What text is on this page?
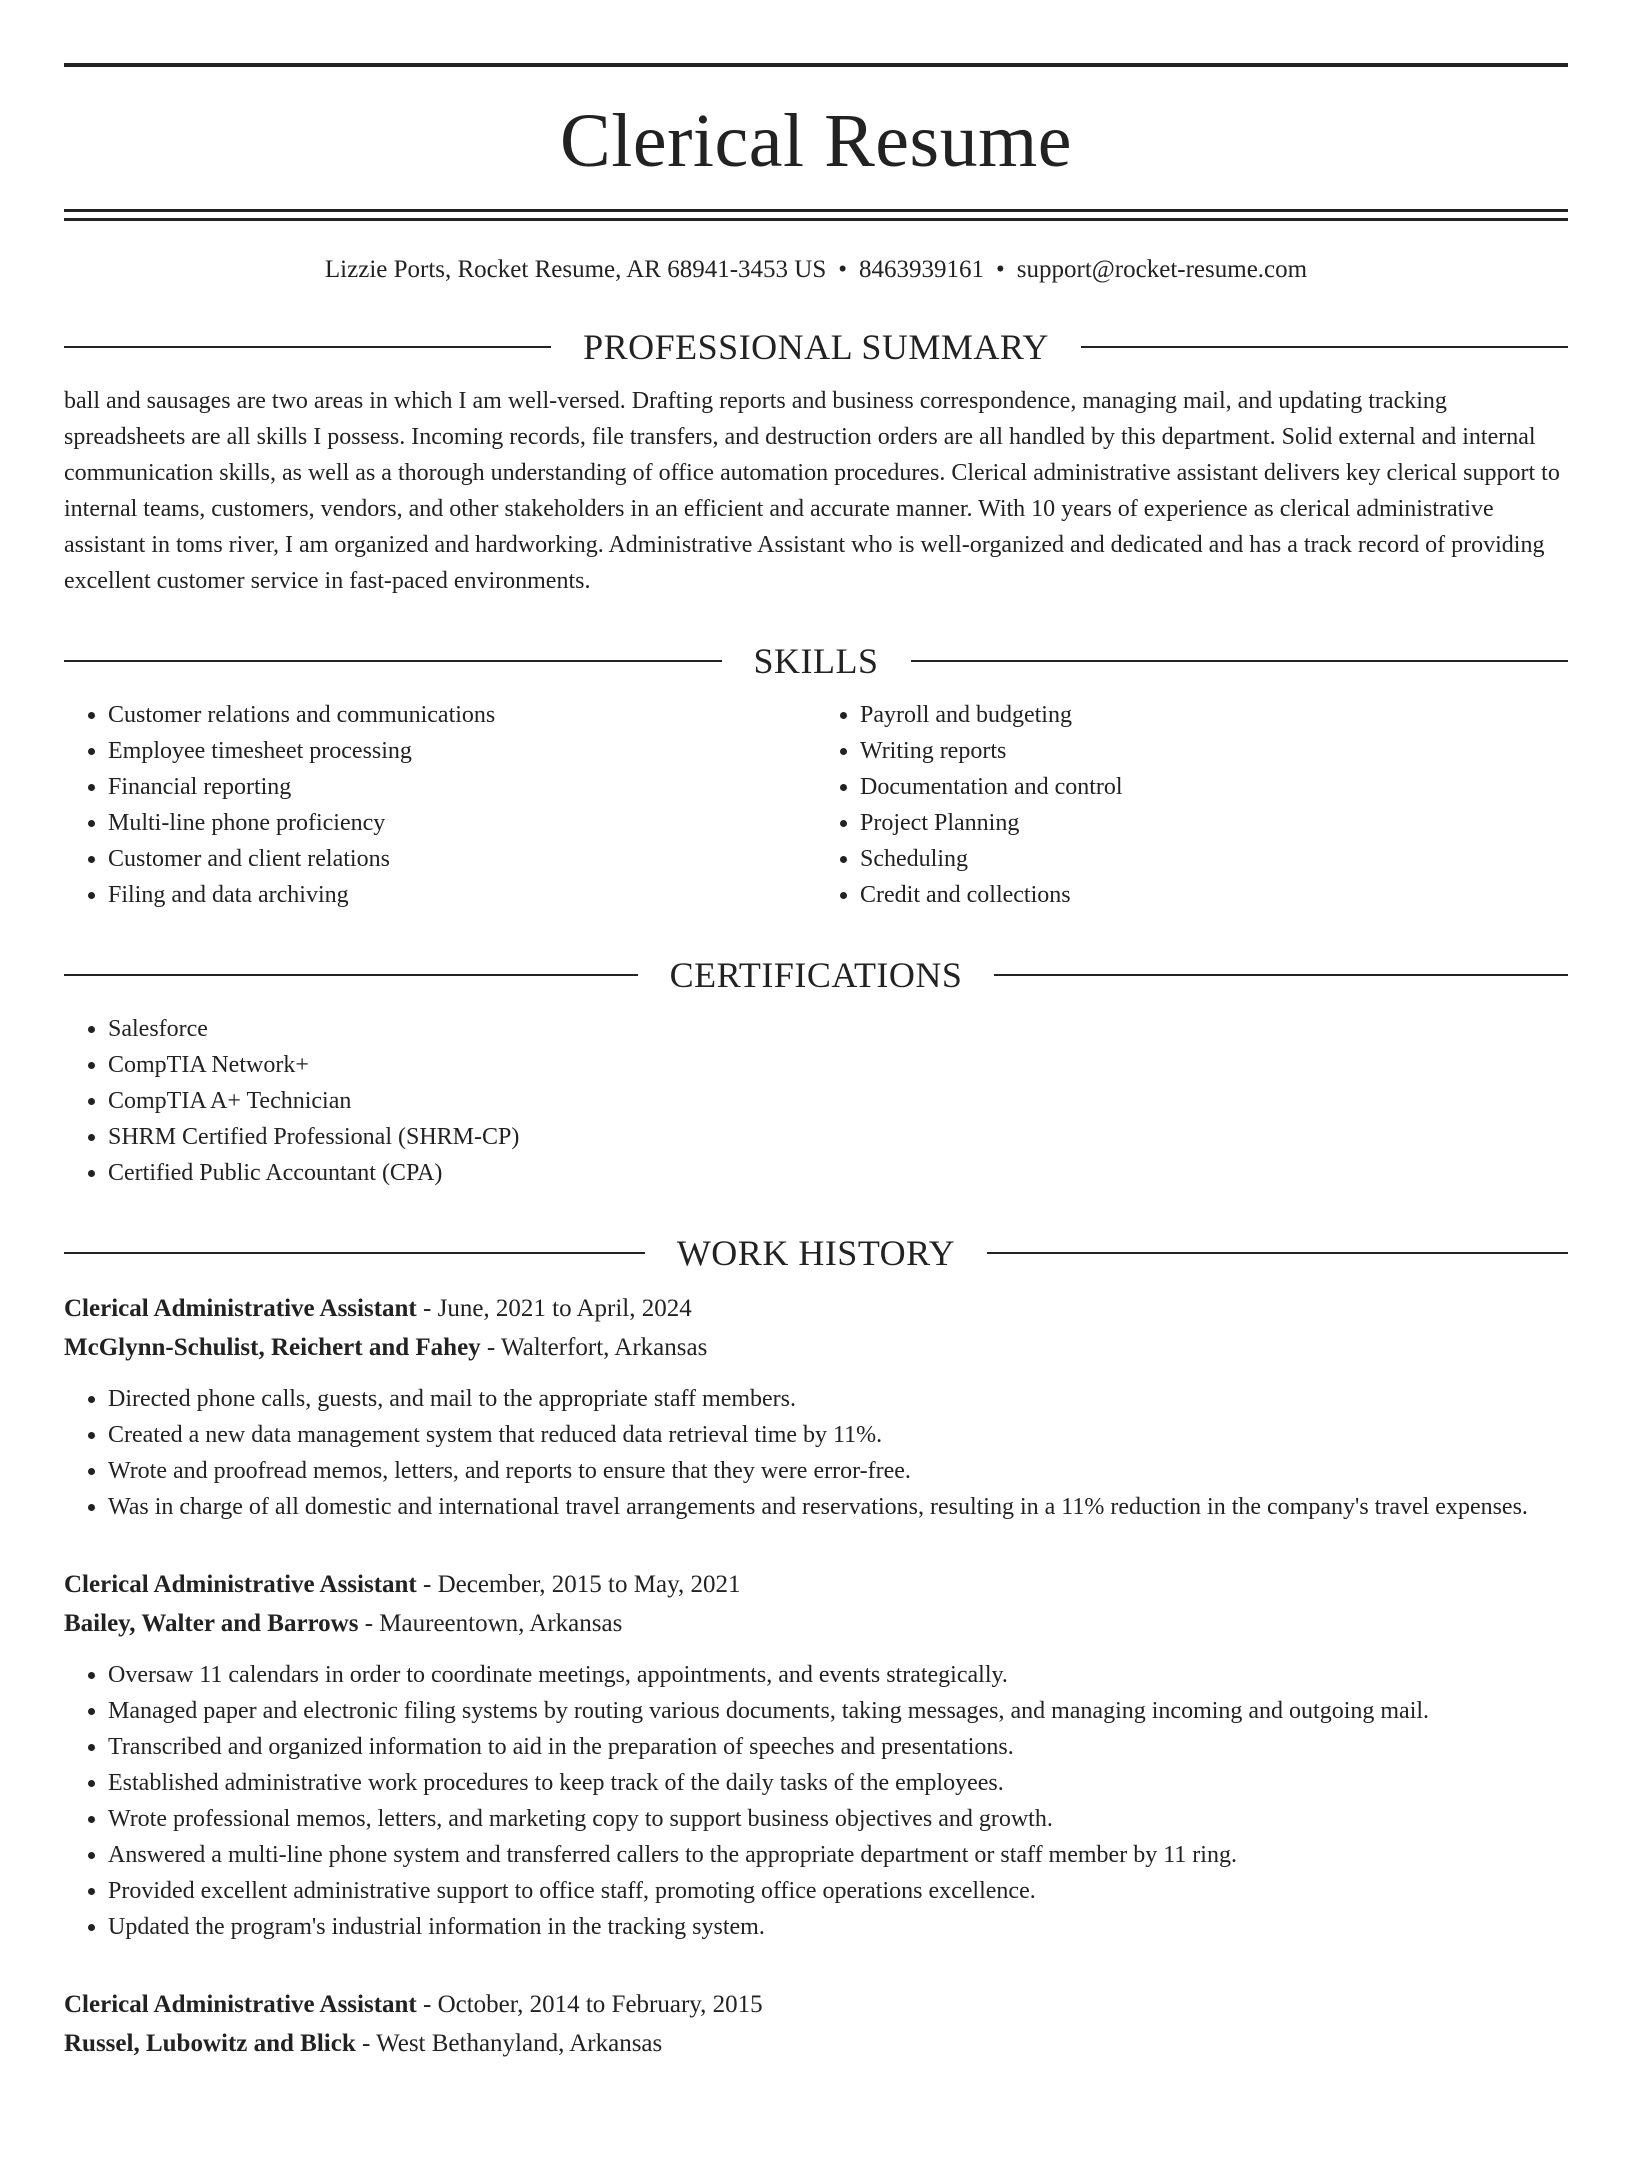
Clerical Resume
Lizzie Ports, Rocket Resume, AR 68941-3453 US • 8463939161 • support@rocket-resume.com
PROFESSIONAL SUMMARY
ball and sausages are two areas in which I am well-versed. Drafting reports and business correspondence, managing mail, and updating tracking spreadsheets are all skills I possess. Incoming records, file transfers, and destruction orders are all handled by this department. Solid external and internal communication skills, as well as a thorough understanding of office automation procedures. Clerical administrative assistant delivers key clerical support to internal teams, customers, vendors, and other stakeholders in an efficient and accurate manner. With 10 years of experience as clerical administrative assistant in toms river, I am organized and hardworking. Administrative Assistant who is well-organized and dedicated and has a track record of providing excellent customer service in fast-paced environments.
SKILLS
• Customer relations and communications
• Employee timesheet processing
• Financial reporting
• Multi-line phone proficiency
• Customer and client relations
• Filing and data archiving
• Payroll and budgeting
• Writing reports
• Documentation and control
• Project Planning
• Scheduling
• Credit and collections
CERTIFICATIONS
• Salesforce
• CompTIA Network+
• CompTIA A+ Technician
• SHRM Certified Professional (SHRM-CP)
• Certified Public Accountant (CPA)
WORK HISTORY
Clerical Administrative Assistant - June, 2021 to April, 2024
McGlynn-Schulist, Reichert and Fahey - Walterfort, Arkansas
• Directed phone calls, guests, and mail to the appropriate staff members.
• Created a new data management system that reduced data retrieval time by 11%.
• Wrote and proofread memos, letters, and reports to ensure that they were error-free.
• Was in charge of all domestic and international travel arrangements and reservations, resulting in a 11% reduction in the company's travel expenses.
Clerical Administrative Assistant - December, 2015 to May, 2021
Bailey, Walter and Barrows - Maureentown, Arkansas
• Oversaw 11 calendars in order to coordinate meetings, appointments, and events strategically.
• Managed paper and electronic filing systems by routing various documents, taking messages, and managing incoming and outgoing mail.
• Transcribed and organized information to aid in the preparation of speeches and presentations.
• Established administrative work procedures to keep track of the daily tasks of the employees.
• Wrote professional memos, letters, and marketing copy to support business objectives and growth.
• Answered a multi-line phone system and transferred callers to the appropriate department or staff member by 11 ring.
• Provided excellent administrative support to office staff, promoting office operations excellence.
• Updated the program's industrial information in the tracking system.
Clerical Administrative Assistant - October, 2014 to February, 2015
Russel, Lubowitz and Blick - West Bethanyland, Arkansas
